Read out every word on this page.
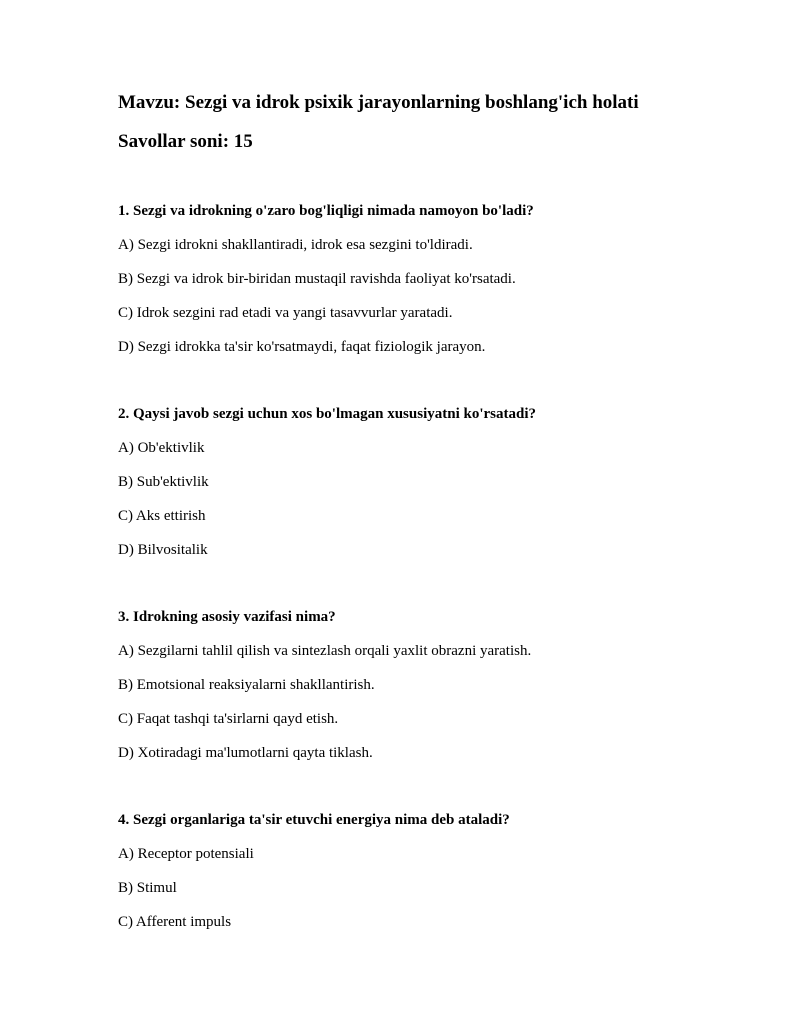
Mavzu: Sezgi va idrok psixik jarayonlarning boshlang'ich holati
Savollar soni: 15
1. Sezgi va idrokning o'zaro bog'liqligi nimada namoyon bo'ladi?
A) Sezgi idrokni shakllantiradi, idrok esa sezgini to'ldiradi.
B) Sezgi va idrok bir-biridan mustaqil ravishda faoliyat ko'rsatadi.
C) Idrok sezgini rad etadi va yangi tasavvurlar yaratadi.
D) Sezgi idrokka ta'sir ko'rsatmaydi, faqat fiziologik jarayon.
2. Qaysi javob sezgi uchun xos bo'lmagan xususiyatni ko'rsatadi?
A) Ob'ektivlik
B) Sub'ektivlik
C) Aks ettirish
D) Bilvositalik
3. Idrokning asosiy vazifasi nima?
A) Sezgilarni tahlil qilish va sintezlash orqali yaxlit obrazni yaratish.
B) Emotsional reaksiyalarni shakllantirish.
C) Faqat tashqi ta'sirlarni qayd etish.
D) Xotiradagi ma'lumotlarni qayta tiklash.
4. Sezgi organlariga ta'sir etuvchi energiya nima deb ataladi?
A) Receptor potensiali
B) Stimul
C) Afferent impuls
